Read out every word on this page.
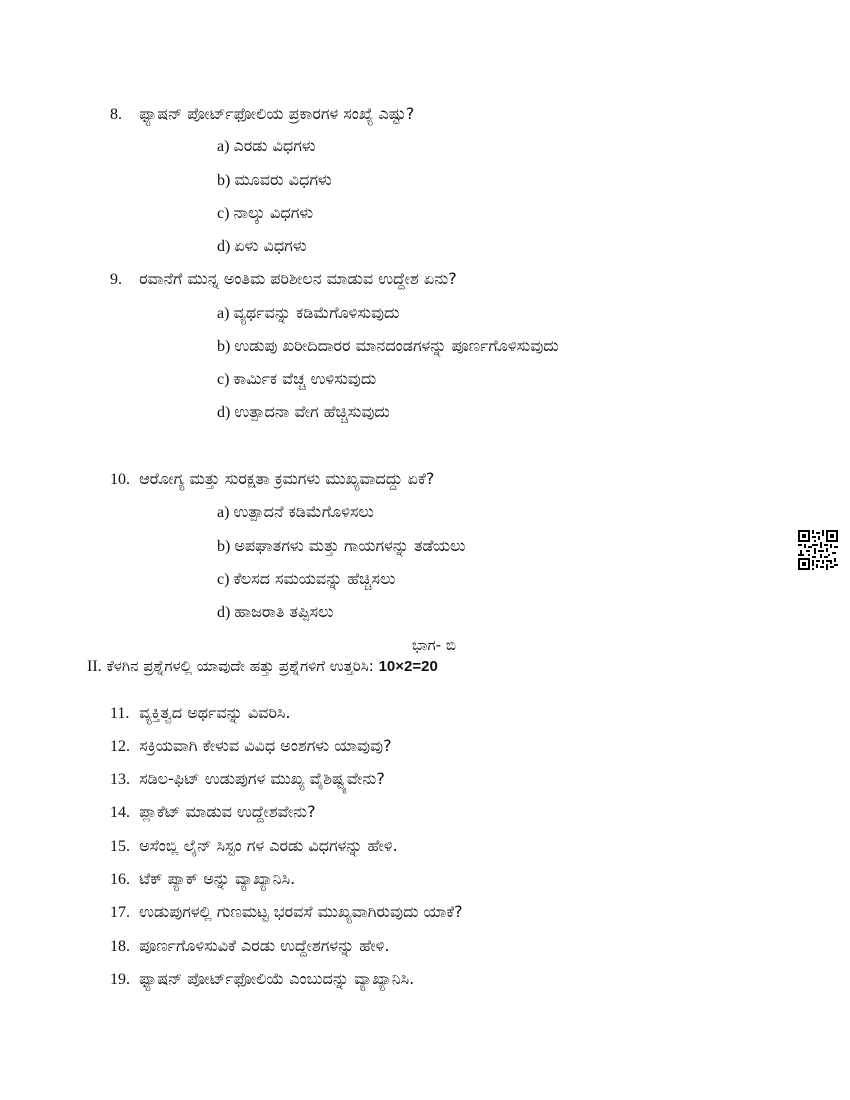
8. ಫ್ಯಾಷನ್ ಪೋರ್ಟ್‌ಫೋಲಿಯ ಪ್ರಕಾರಗಳ ಸಂಖ್ಯೆ ಎಷ್ಟು?
a) ಎರಡು ವಿಧಗಳು
b) ಮೂವರು ವಿಧಗಳು
c) ನಾಲ್ಕು ವಿಧಗಳು
d) ಏಳು ವಿಧಗಳು
9. ರವಾನೆಗೆ ಮುನ್ನ ಅಂತಿಮ ಪರಿಶೀಲನ ಮಾಡುವ ಉದ್ದೇಶ ಏನು?
a) ವ್ಯರ್ಥವನ್ನು ಕಡಿಮೆಗೊಳಿಸುವುದು
b) ಉಡುಪು ಖರೀದಿದಾರರ ಮಾನದಂಡಗಳನ್ನು ಪೂರ್ಣಗೊಳಿಸುವುದು
c) ಕಾರ್ಮಿಕ ವೆಚ್ಚ ಉಳಿಸುವುದು
d) ಉತ್ಪಾದನಾ ವೇಗ ಹೆಚ್ಚಿಸುವುದು
10. ಆರೋಗ್ಯ ಮತ್ತು ಸುರಕ್ಷತಾ ಕ್ರಮಗಳು ಮುಖ್ಯವಾದದ್ದು ಏಕೆ?
a) ಉತ್ಪಾದನೆ ಕಡಿಮೆಗೊಳಿಸಲು
b) ಅಪಘಾತಗಳು ಮತ್ತು ಗಾಯಗಳನ್ನು ತಡೆಯಲು
c) ಕೆಲಸದ ಸಮಯವನ್ನು ಹೆಚ್ಚಿಸಲು
d) ಹಾಜರಾತಿ ತಪ್ಪಿಸಲು
ಭಾಗ- ಬಿ
II. ಕೆಳಗಿನ ಪ್ರಶ್ನೆಗಳಲ್ಲಿ ಯಾವುದೇ ಹತ್ತು ಪ್ರಶ್ನೆಗಳಿಗೆ ಉತ್ತರಿಸಿ: 10×2=20
11. ವ್ಯಕ್ತಿತ್ವದ ಅರ್ಥವನ್ನು ವಿವರಿಸಿ.
12. ಸಕ್ರಿಯವಾಗಿ ಕೇಳುವ ವಿವಿಧ ಅಂಶಗಳು ಯಾವುವು?
13. ಸಡಿಲ-ಫಿಟ್ ಉಡುಪುಗಳ ಮುಖ್ಯ ವೈಶಿಷ್ಟ್ಯವೇನು?
14. ಪ್ಲಾಕೆಟ್ ಮಾಡುವ ಉದ್ದೇಶವೇನು?
15. ಅಸೆಂಬ್ಲಿ ಲೈನ್ ಸಿಸ್ಟಂ ಗಳ ಎರಡು ವಿಧಗಳನ್ನು ಹೇಳಿ.
16. ಟೆಕ್ ಪ್ಯಾಕ್ ಅನ್ನು ವ್ಯಾಖ್ಯಾನಿಸಿ.
17. ಉಡುಪುಗಳಲ್ಲಿ ಗುಣಮಟ್ಟ ಭರವಸೆ ಮುಖ್ಯವಾಗಿರುವುದು ಯಾಕೆ?
18. ಪೂರ್ಣಗೊಳಿಸುವಿಕೆ ಎರಡು ಉದ್ದೇಶಗಳನ್ನು ಹೇಳಿ.
19. ಫ್ಯಾಷನ್ ಪೋರ್ಟ್‌ಫೋಲಿಯೆ ಎಂಬುದನ್ನು ವ್ಯಾಖ್ಯಾನಿಸಿ.
